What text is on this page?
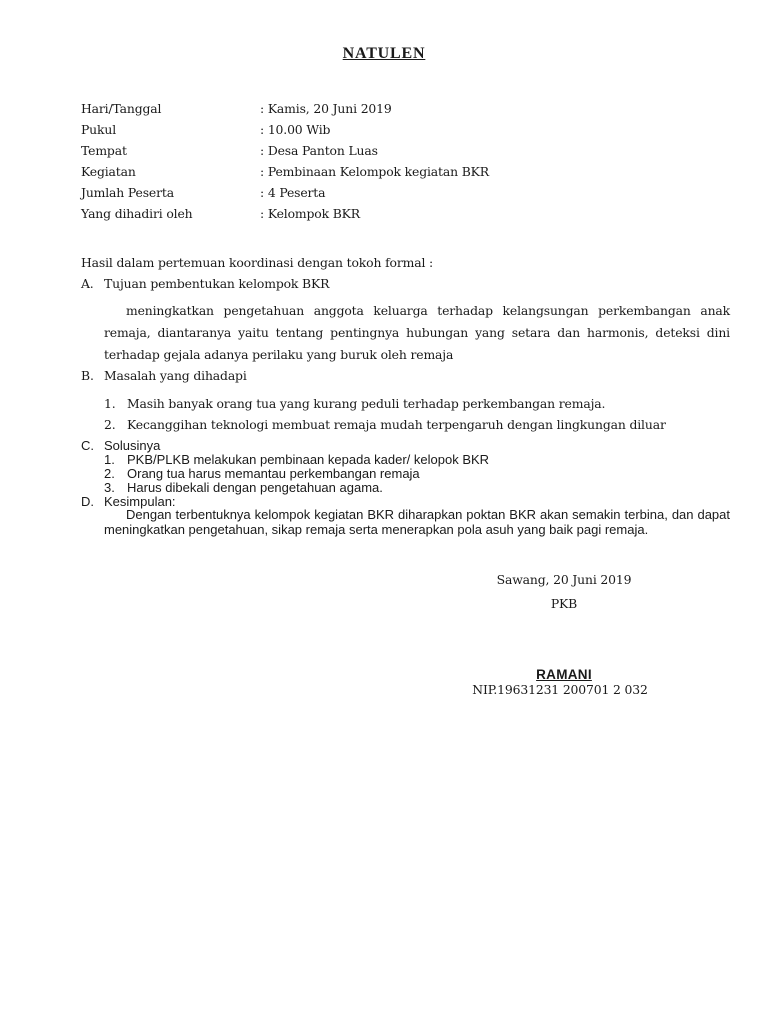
NATULEN
Hari/Tanggal	: Kamis, 20 Juni 2019
Pukul	: 10.00 Wib
Tempat	: Desa Panton Luas
Kegiatan	: Pembinaan Kelompok kegiatan BKR
Jumlah Peserta	: 4 Peserta
Yang dihadiri oleh	: Kelompok BKR
Hasil dalam pertemuan koordinasi dengan tokoh formal :
A. Tujuan pembentukan kelompok BKR
meningkatkan pengetahuan anggota keluarga terhadap kelangsungan perkembangan anak remaja, diantaranya yaitu tentang pentingnya hubungan yang setara dan harmonis, deteksi dini terhadap gejala adanya perilaku yang buruk oleh remaja
B. Masalah yang dihadapi
1. Masih banyak orang tua yang kurang peduli terhadap perkembangan remaja.
2. Kecanggihan teknologi membuat remaja mudah terpengaruh dengan lingkungan diluar
C. Solusinya
1. PKB/PLKB melakukan pembinaan kepada kader/ kelopok BKR
2. Orang tua harus memantau perkembangan remaja
3. Harus dibekali dengan pengetahuan agama.
D. Kesimpulan:
Dengan terbentuknya kelompok kegiatan BKR diharapkan poktan BKR akan semakin terbina, dan dapat meningkatkan pengetahuan, sikap remaja serta menerapkan pola asuh yang baik pagi remaja.
Sawang, 20 Juni 2019
PKB
RAMANI
NIP.19631231 200701 2 032
